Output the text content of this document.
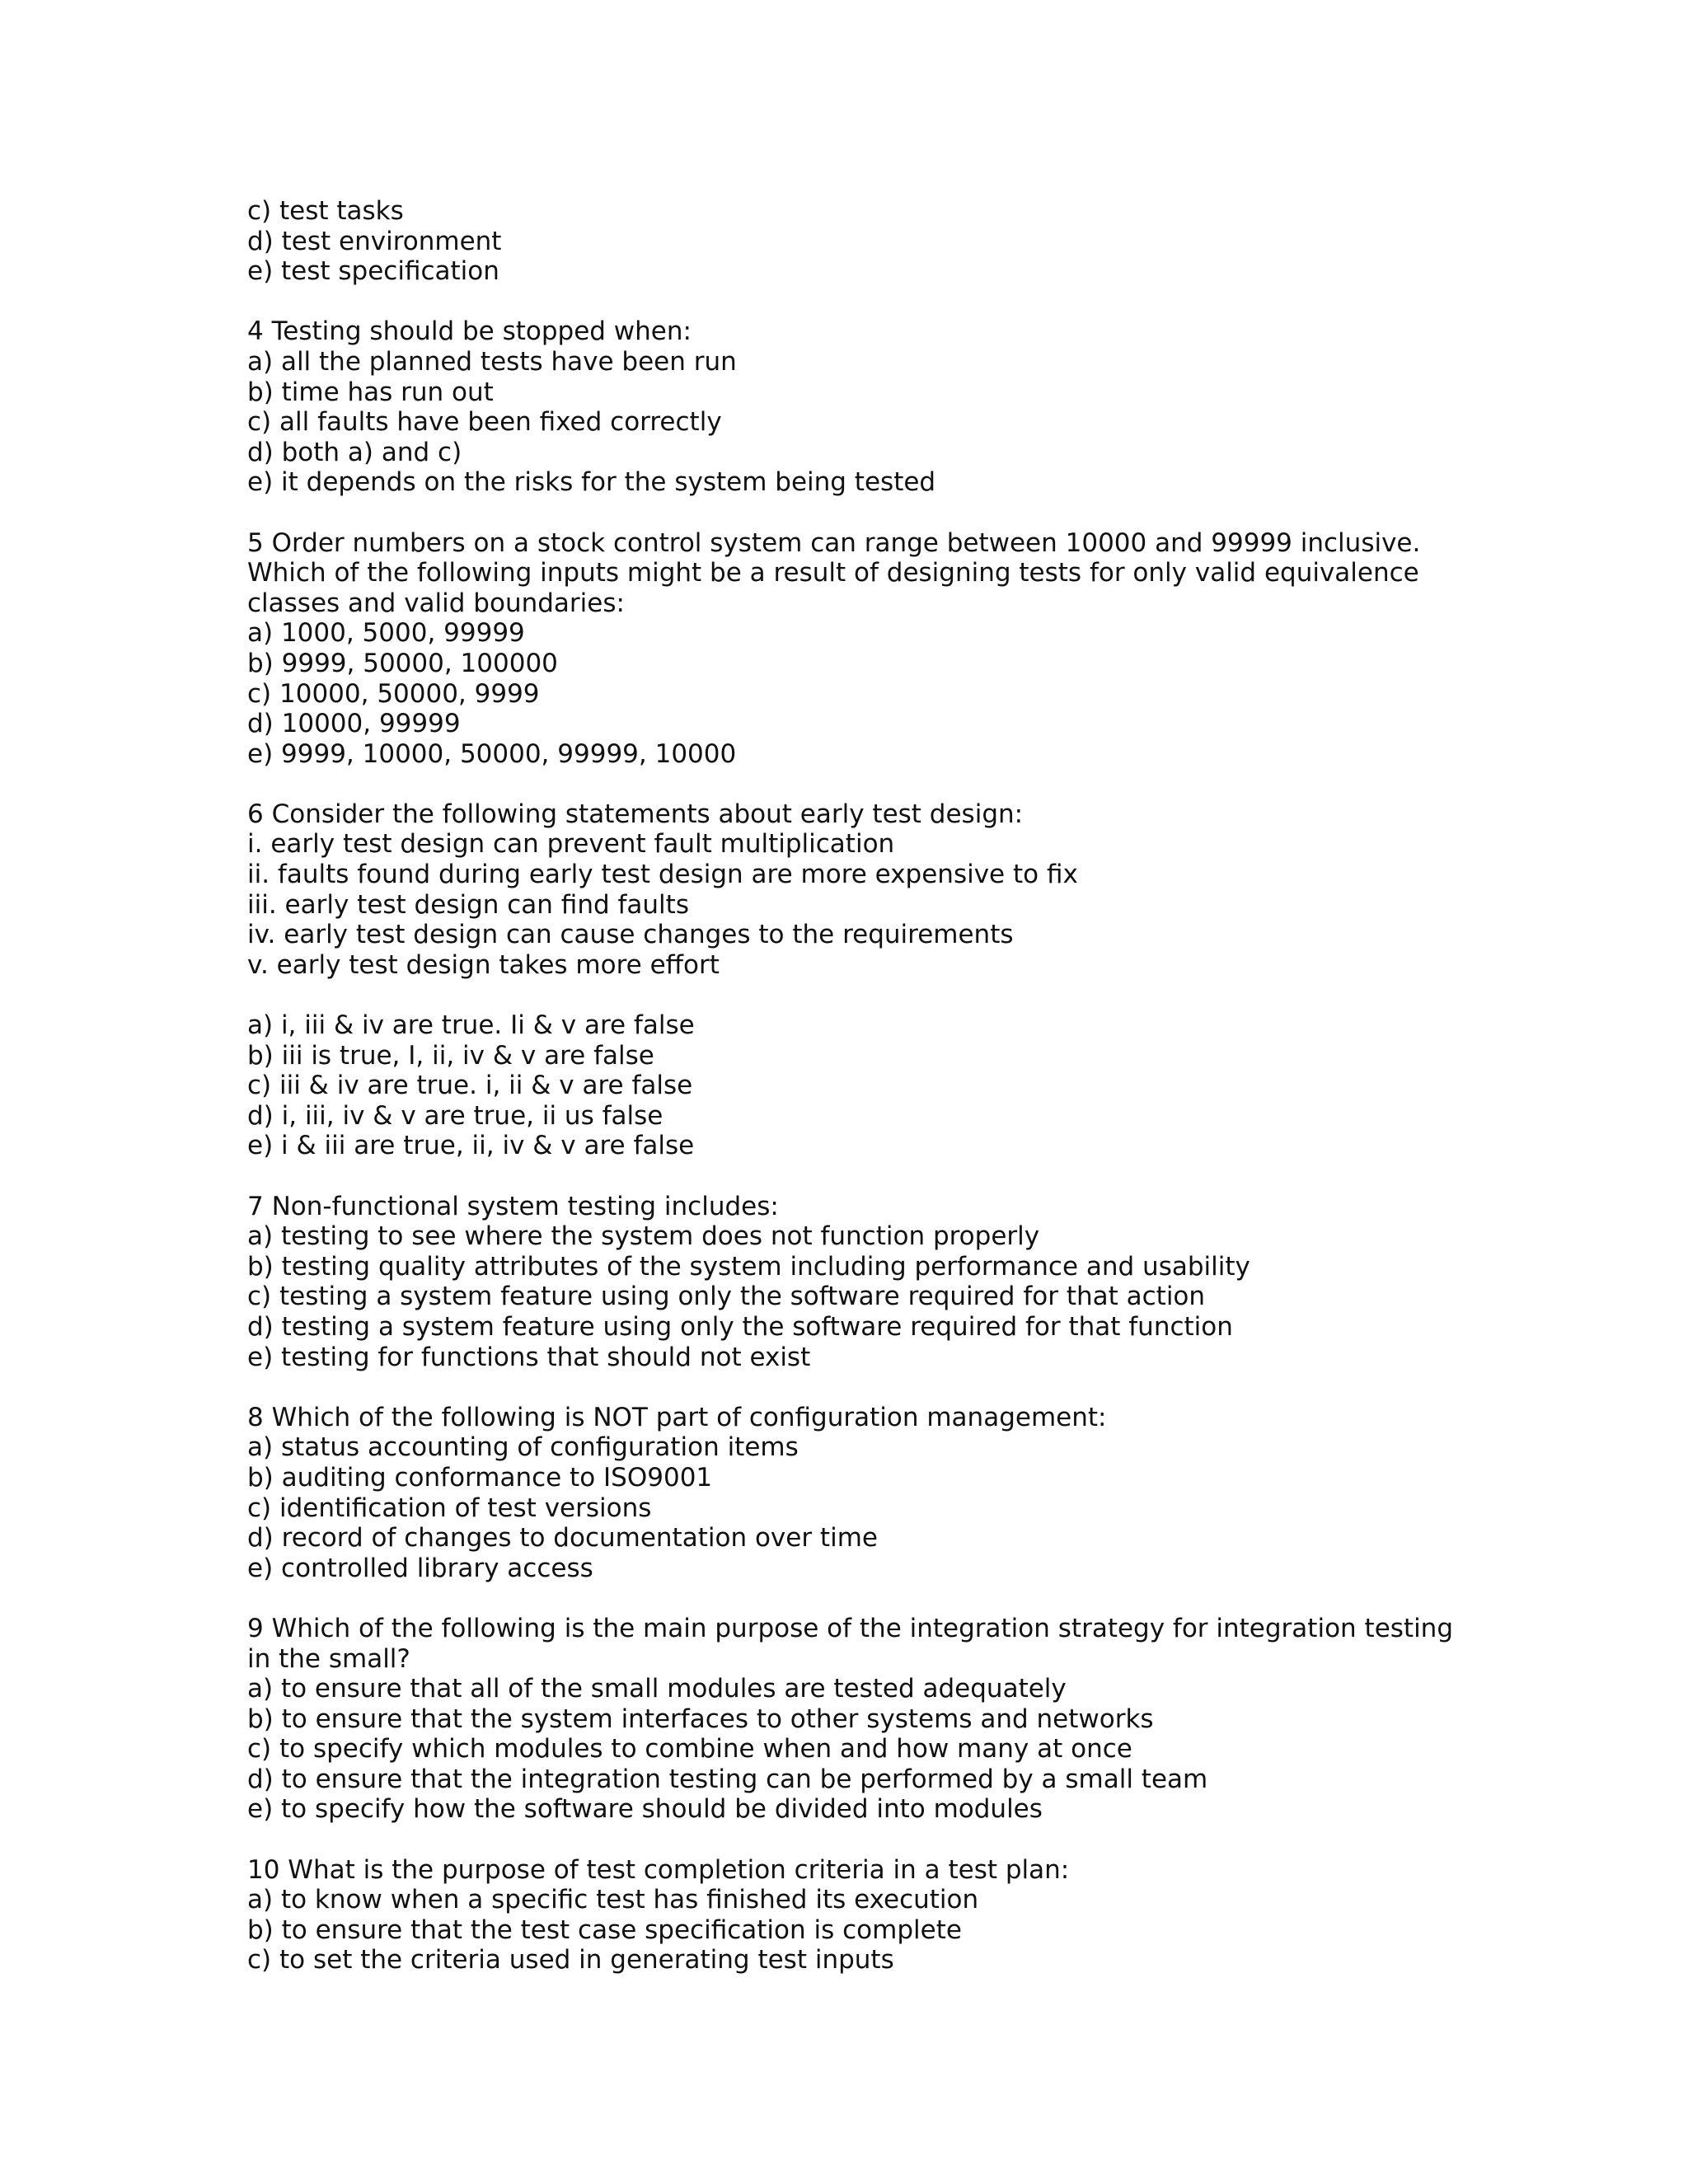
c) test tasks
d) test environment
e) test specification
4 Testing should be stopped when:
a) all the planned tests have been run
b) time has run out
c) all faults have been fixed correctly
d) both a) and c)
e) it depends on the risks for the system being tested
5 Order numbers on a stock control system can range between 10000 and 99999 inclusive.
Which of the following inputs might be a result of designing tests for only valid equivalence
classes and valid boundaries:
a) 1000, 5000, 99999
b) 9999, 50000, 100000
c) 10000, 50000, 9999
d) 10000, 99999
e) 9999, 10000, 50000, 99999, 10000
6 Consider the following statements about early test design:
i. early test design can prevent fault multiplication
ii. faults found during early test design are more expensive to fix
iii. early test design can find faults
iv. early test design can cause changes to the requirements
v. early test design takes more effort
a) i, iii & iv are true. Ii & v are false
b) iii is true, I, ii, iv & v are false
c) iii & iv are true. i, ii & v are false
d) i, iii, iv & v are true, ii us false
e) i & iii are true, ii, iv & v are false
7 Non-functional system testing includes:
a) testing to see where the system does not function properly
b) testing quality attributes of the system including performance and usability
c) testing a system feature using only the software required for that action
d) testing a system feature using only the software required for that function
e) testing for functions that should not exist
8 Which of the following is NOT part of configuration management:
a) status accounting of configuration items
b) auditing conformance to ISO9001
c) identification of test versions
d) record of changes to documentation over time
e) controlled library access
9 Which of the following is the main purpose of the integration strategy for integration testing
in the small?
a) to ensure that all of the small modules are tested adequately
b) to ensure that the system interfaces to other systems and networks
c) to specify which modules to combine when and how many at once
d) to ensure that the integration testing can be performed by a small team
e) to specify how the software should be divided into modules
10 What is the purpose of test completion criteria in a test plan:
a) to know when a specific test has finished its execution
b) to ensure that the test case specification is complete
c) to set the criteria used in generating test inputs
